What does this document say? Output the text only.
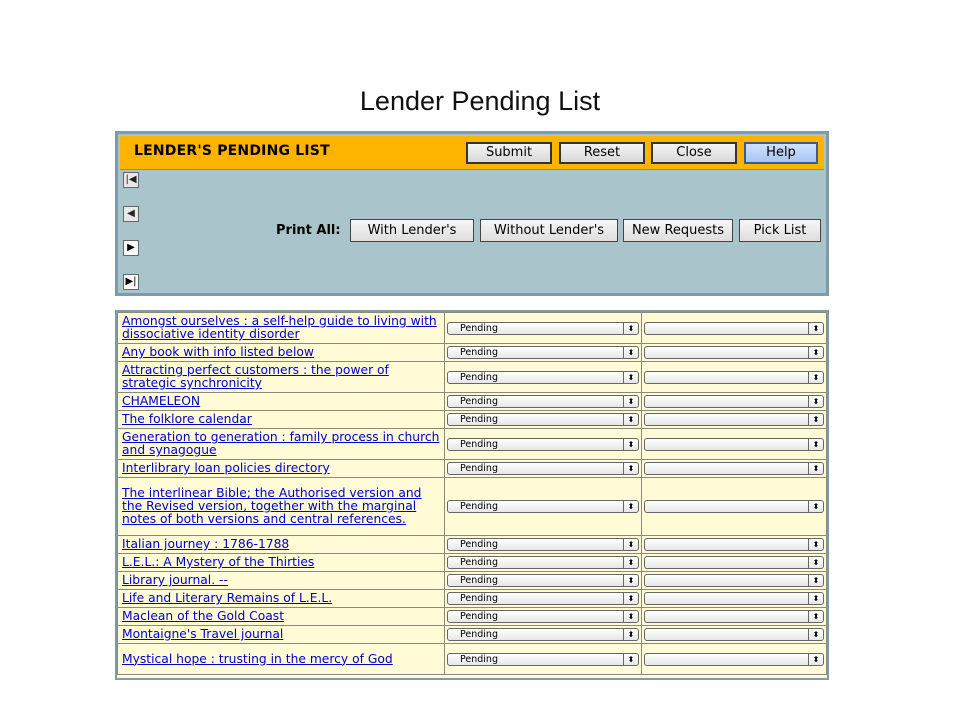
Lender Pending List
LENDER'S PENDING LIST	Submit	Reset	Close	Help
|◀
◀
▶
▶|
Print All:	With Lender's	Without Lender's	New Requests	Pick List
Amongst ourselves : a self-help guide to living with dissociative identity disorder	Pending ⬍	⬍

Any book with info listed below	Pending ⬍	⬍

Attracting perfect customers : the power of strategic synchronicity	Pending ⬍	⬍

CHAMELEON	Pending ⬍	⬍

The folklore calendar	Pending ⬍	⬍

Generation to generation : family process in church and synagogue	Pending ⬍	⬍

Interlibrary loan policies directory	Pending ⬍	⬍

The interlinear Bible; the Authorised version and the Revised version, together with the marginal notes of both versions and central references.	Pending ⬍	⬍

Italian journey : 1786-1788	Pending ⬍	⬍

L.E.L.: A Mystery of the Thirties	Pending ⬍	⬍

Library journal. --	Pending ⬍	⬍

Life and Literary Remains of L.E.L.	Pending ⬍	⬍

Maclean of the Gold Coast	Pending ⬍	⬍

Montaigne's Travel journal	Pending ⬍	⬍

Mystical hope : trusting in the mercy of God	Pending ⬍	⬍
